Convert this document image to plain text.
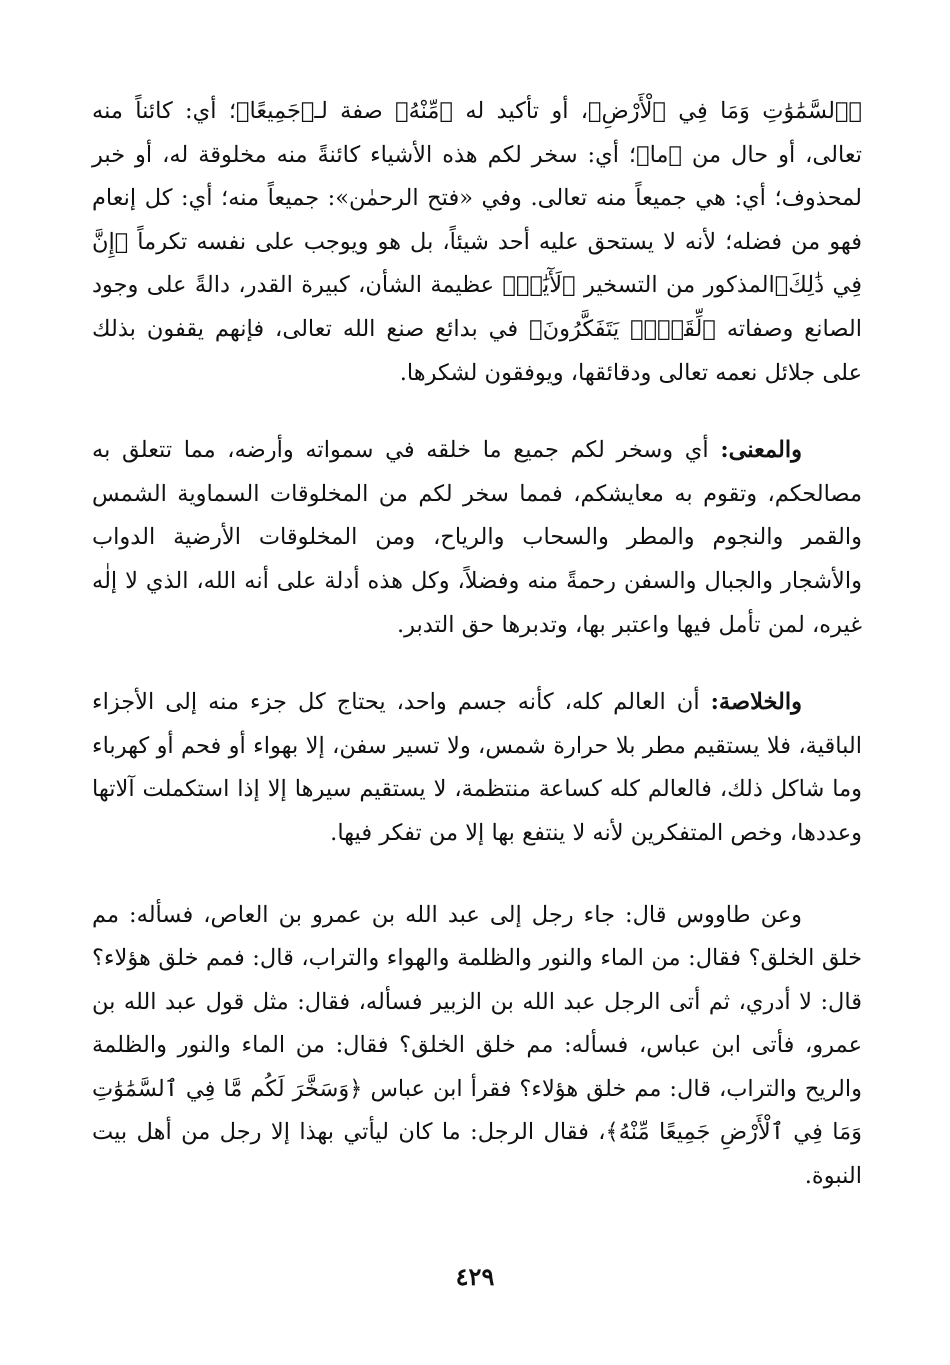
﴿ٱلسَّمَٰوَٰتِ وَمَا فِي ٱلْأَرْضِ﴾، أو تأكيد له ﴿مِّنْهُ﴾ صفة لـ﴿جَمِيعًا﴾؛ أي: كائناً منه تعالى، أو حال من ﴿ما﴾؛ أي: سخر لكم هذه الأشياء كائنةً منه مخلوقة له، أو خبر لمحذوف؛ أي: هي جميعاً منه تعالى. وفي «فتح الرحمٰن»: جميعاً منه؛ أي: كل إنعام فهو من فضله؛ لأنه لا يستحق عليه أحد شيئاً، بل هو ويوجب على نفسه تكرماً ﴿إِنَّ فِي ذَٰلِكَ﴾المذكور من التسخير ﴿لَأٓيَٰتٖ﴾ عظيمة الشأن، كبيرة القدر، دالةً على وجود الصانع وصفاته ﴿لِّقَوۡمٖ يَتَفَكَّرُونَ﴾ في بدائع صنع الله تعالى، فإنهم يقفون بذلك على جلائل نعمه تعالى ودقائقها، ويوفقون لشكرها.

والمعنى: أي وسخر لكم جميع ما خلقه في سمواته وأرضه، مما تتعلق به مصالحكم، وتقوم به معايشكم، فمما سخر لكم من المخلوقات السماوية الشمس والقمر والنجوم والمطر والسحاب والرياح، ومن المخلوقات الأرضية الدواب والأشجار والجبال والسفن رحمةً منه وفضلاً، وكل هذه أدلة على أنه الله، الذي لا إلٰه غيره، لمن تأمل فيها واعتبر بها، وتدبرها حق التدبر.

والخلاصة: أن العالم كله، كأنه جسم واحد، يحتاج كل جزء منه إلى الأجزاء الباقية، فلا يستقيم مطر بلا حرارة شمس، ولا تسير سفن، إلا بهواء أو فحم أو كهرباء وما شاكل ذلك، فالعالم كله كساعة منتظمة، لا يستقيم سيرها إلا إذا استكملت آلاتها وعددها، وخص المتفكرين لأنه لا ينتفع بها إلا من تفكر فيها.

وعن طاووس قال: جاء رجل إلى عبد الله بن عمرو بن العاص، فسأله: مم خلق الخلق؟ فقال: من الماء والنور والظلمة والهواء والتراب، قال: فمم خلق هؤلاء؟ قال: لا أدري، ثم أتى الرجل عبد الله بن الزبير فسأله، فقال: مثل قول عبد الله بن عمرو، فأتى ابن عباس، فسأله: مم خلق الخلق؟ فقال: من الماء والنور والظلمة والريح والتراب، قال: مم خلق هؤلاء؟ فقرأ ابن عباس ﴿وَسَخَّرَ لَكُم مَّا فِي ٱلسَّمَٰوَٰتِ وَمَا فِي ٱلْأَرْضِ جَمِيعًا مِّنْهُ﴾، فقال الرجل: ما كان ليأتي بهذا إلا رجل من أهل بيت النبوة.

٤٢٩
